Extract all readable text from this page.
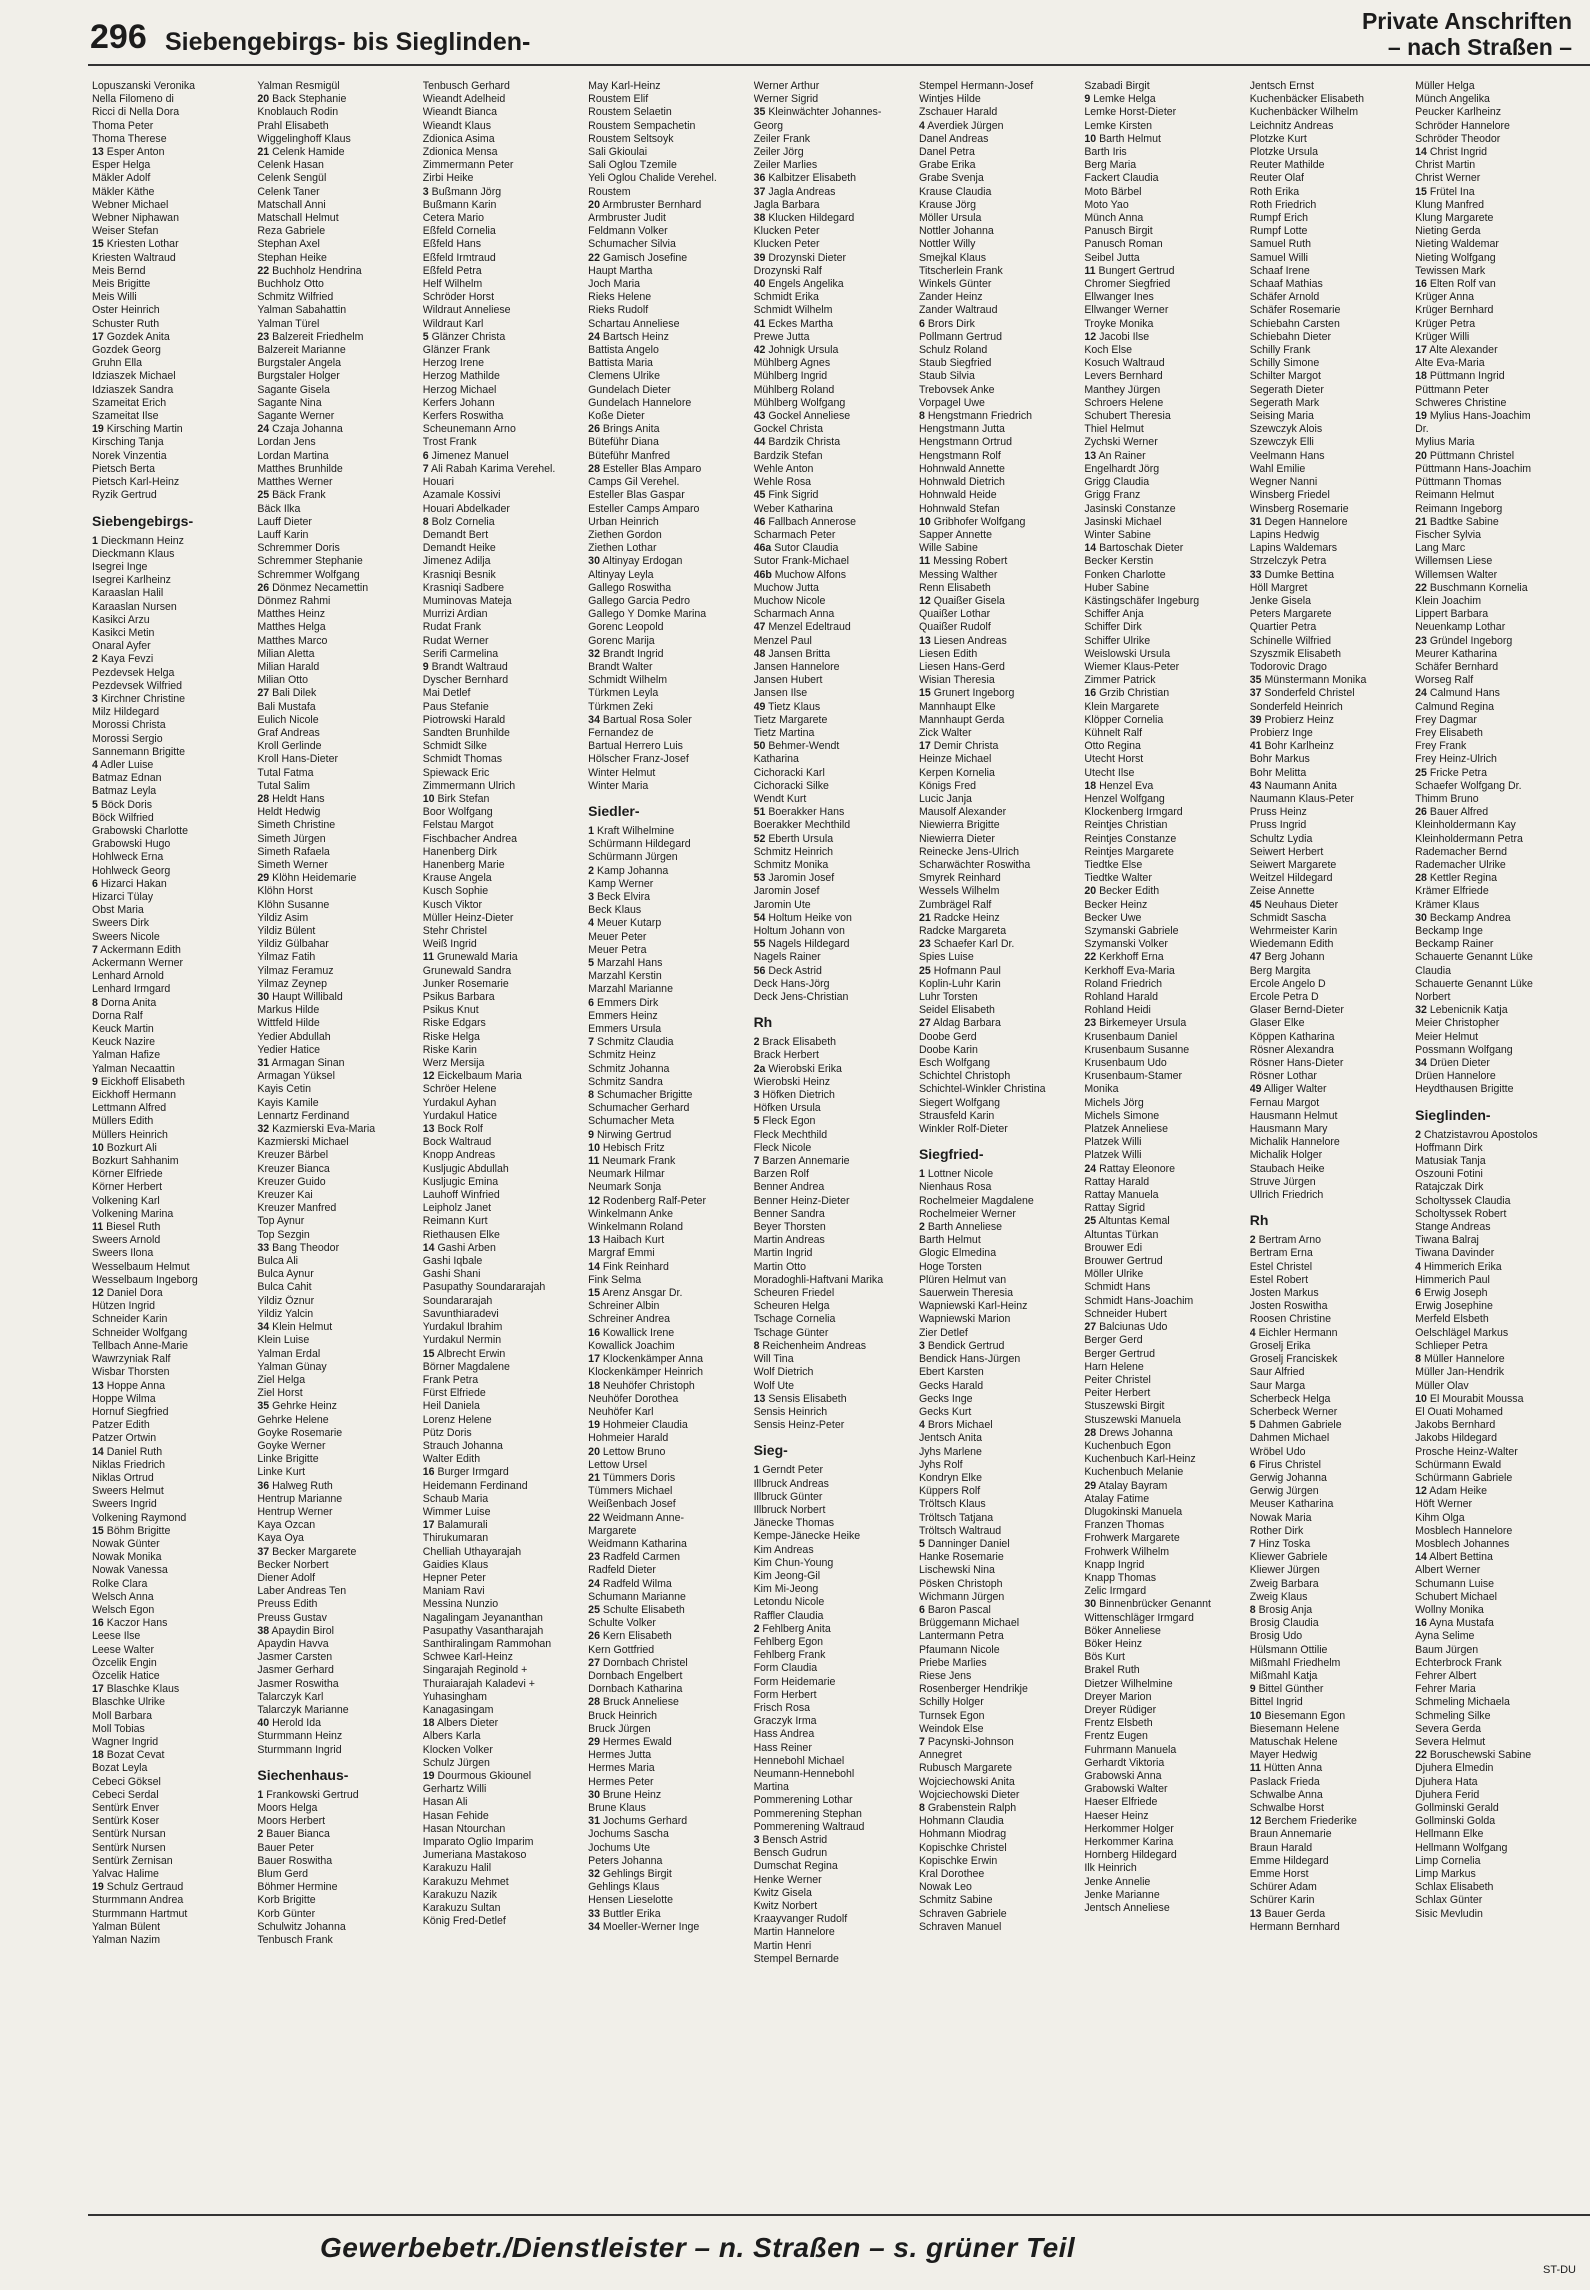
296 Siebengebirgs- bis Sieglinden-
Private Anschriften
– nach Straßen –
Lopuszanski Veronika
Nella Filomeno di
Ricci di Nella Dora
Thoma Peter
Thoma Therese
13 Esper Anton
Esper Helga
Mäkler Adolf
Mäkler Käthe
Webner Michael
Webner Niphawan
Weiser Stefan
15 Kriesten Lothar
Kriesten Waltraud
Meis Bernd
Meis Brigitte
Meis Willi
Oster Heinrich
Schuster Ruth
17 Gozdek Anita
Gozdek Georg
Gruhn Ella
Idziaszek Michael
Idziaszek Sandra
Szameitat Erich
Szameitat Ilse
19 Kirsching Martin
Kirsching Tanja
Norek Vinzentia
Pietsch Berta
Pietsch Karl-Heinz
Ryzik Gertrud
Siebengebirgs-
1 Dieckmann Heinz
Dieckmann Klaus
Isegrei Inge
Isegrei Karlheinz
Karaaslan Halil
Karaaslan Nursen
Kasikci Arzu
Kasikci Metin
Onaral Ayfer
2 Kaya Fevzi
Pezdevsek Helga
Pezdevsek Wilfried
3 Kirchner Christine
Milz Hildegard
Morossi Christa
Morossi Sergio
Sannemann Brigitte
4 Adler Luise
Batmaz Ednan
Batmaz Leyla
5 Böck Doris
Böck Wilfried
Grabowski Charlotte
Grabowski Hugo
Hohlweck Erna
Hohlweck Georg
6 Hizarci Hakan
Hizarci Tülay
Obst Maria
Sweers Dirk
Sweers Nicole
7 Ackermann Edith
Ackermann Werner
Lenhard Arnold
Lenhard Irmgard
8 Dorna Anita
Dorna Ralf
Keuck Martin
Keuck Nazire
Yalman Hafize
Yalman Necaattin
9 Eickhoff Elisabeth
Eickhoff Hermann
Lettmann Alfred
Müllers Edith
Müllers Heinrich
10 Bozkurt Ali
Bozkurt Sahhanim
Körner Elfriede
Körner Herbert
Volkening Karl
Volkening Marina
11 Biesel Ruth
Sweers Arnold
Sweers Ilona
Wesselbaum Helmut
Wesselbaum Ingeborg
12 Daniel Dora
Hützen Ingrid
Schneider Karin
Schneider Wolfgang
Tellbach Anne-Marie
Wawrzyniak Ralf
Wisbar Thorsten
13 Hoppe Anna
Hoppe Wilma
Hornuf Siegfried
Patzer Edith
Patzer Ortwin
14 Daniel Ruth
Niklas Friedrich
Niklas Ortrud
Sweers Helmut
Sweers Ingrid
Volkening Raymond
15 Böhm Brigitte
Nowak Günter
Nowak Monika
Nowak Vanessa
Rolke Clara
Welsch Anna
Welsch Egon
16 Kaczor Hans
Leese Ilse
Leese Walter
Özcelik Engin
Özcelik Hatice
17 Blaschke Klaus
Blaschke Ulrike
Moll Barbara
Moll Tobias
Wagner Ingrid
18 Bozat Cevat
Bozat Leyla
Cebeci Göksel
Cebeci Serdal
Sentürk Enver
Sentürk Koser
Sentürk Nursan
Sentürk Nursen
Sentürk Zernisan
Yalvac Halime
19 Schulz Gertraud
Sturmmann Andrea
Sturmmann Hartmut
Yalman Bülent
Yalman Nazim
Yalman Resmigül
20 Back Stephanie
Knoblauch Rodin
Prahl Elisabeth
Wiggelinghoff Klaus
21 Celenk Hamide
Celenk Hasan
Celenk Sengül
Celenk Taner
Matschall Anni
Matschall Helmut
Reza Gabriele
Stephan Axel
Stephan Heike
22 Buchholz Hendrina
Buchholz Otto
Schmitz Wilfried
Yalman Sabahattin
Yalman Türel
23 Balzereit Friedhelm
Balzereit Marianne
Burgstaler Angela
Burgstaler Holger
Sagante Gisela
Sagante Nina
Sagante Werner
24 Czaja Johanna
Lordan Jens
Lordan Martina
Matthes Brunhilde
Matthes Werner
25 Bäck Frank
Bäck Ilka
Lauff Dieter
Lauff Karin
Schremmer Doris
Schremmer Stephanie
Schremmer Wolfgang
26 Dönmez Necamettin
Dönmez Rahmi
Matthes Heinz
Matthes Helga
Matthes Marco
Milian Aletta
Milian Harald
Milian Otto
27 Bali Dilek
Bali Mustafa
Eulich Nicole
Graf Andreas
Kroll Gerlinde
Kroll Hans-Dieter
Tutal Fatma
Tutal Salim
28 Heldt Hans
Heldt Hedwig
Simeth Christine
Simeth Jürgen
Simeth Rafaela
Simeth Werner
29 Klöhn Heidemarie
Klöhn Horst
Klöhn Susanne
Yildiz Asim
Yildiz Bülent
Yildiz Gülbahar
Yilmaz Fatih
Yilmaz Feramuz
Yilmaz Zeynep
30 Haupt Willibald
Markus Hilde
Wittfeld Hilde
Yedier Abdullah
Yedier Hatice
31 Armagan Sinan
Armagan Yüksel
Kayis Cetin
Kayis Kamile
Lennartz Ferdinand
32 Kazmierski Eva-Maria
Kazmierski Michael
Kreuzer Bärbel
Kreuzer Bianca
Kreuzer Guido
Kreuzer Kai
Kreuzer Manfred
Top Aynur
Top Sezgin
33 Bang Theodor
Bulca Ali
Bulca Aynur
Bulca Cahit
Yildiz Öznur
Yildiz Yalcin
34 Klein Helmut
Klein Luise
Yalman Erdal
Yalman Günay
Ziel Helga
Ziel Horst
35 Gehrke Heinz
Gehrke Helene
Goyke Rosemarie
Goyke Werner
Linke Brigitte
Linke Kurt
36 Halweg Ruth
Hentrup Marianne
Hentrup Werner
Kaya Ozcan
Kaya Oya
37 Becker Margarete
Becker Norbert
Diener Adolf
Laber Andreas Ten
Preuss Edith
Preuss Gustav
38 Apaydin Birol
Apaydin Havva
Jasmer Carsten
Jasmer Gerhard
Jasmer Roswitha
Talarczyk Karl
Talarczyk Marianne
40 Herold Ida
Sturmmann Heinz
Sturmmann Ingrid
Siechenhaus-
1 Frankowski Gertrud
Moors Helga
Moors Herbert
2 Bauer Bianca
Bauer Peter
Bauer Roswitha
Blum Gerd
Böhmer Hermine
Korb Brigitte
Korb Günter
Schulwitz Johanna
Tenbusch Frank
Tenbusch Gerhard
Wieandt Adelheid
Wieandt Bianca
Wieandt Klaus
Zdionica Asima
Zdionica Mensa
Zimmermann Peter
Zirbi Heike
3 Bußmann Jörg
Bußmann Karin
Cetera Mario
Eßfeld Cornelia
Eßfeld Hans
Eßfeld Irmtraud
Eßfeld Petra
Helf Wilhelm
Schröder Horst
Wildraut Anneliese
Wildraut Karl
5 Glänzer Christa
Glänzer Frank
Herzog Irene
Herzog Mathilde
Herzog Michael
Kerfers Johann
Kerfers Roswitha
Scheunemann Arno
Trost Frank
6 Jimenez Manuel
7 Ali Rabah Karima Verehel.
Houari
Azamale Kossivi
Houari Abdelkader
8 Bolz Cornelia
Demandt Bert
Demandt Heike
Jimenez Adilja
Krasniqi Besnik
Krasniqi Sadbere
Muminovas Mateja
Murrizi Ardian
Rudat Frank
Rudat Werner
Serifi Carmelina
9 Brandt Waltraud
Dyscher Bernhard
Mai Detlef
Paus Stefanie
Piotrowski Harald
Sandten Brunhilde
Schmidt Silke
Schmidt Thomas
Spiewack Eric
Zimmermann Ulrich
10 Birk Stefan
Boor Wolfgang
Felstau Margot
Fischbacher Andrea
Hanenberg Dirk
Hanenberg Marie
Krause Angela
Kusch Sophie
Kusch Viktor
Müller Heinz-Dieter
Stehr Christel
Weiß Ingrid
11 Grunewald Maria
Grunewald Sandra
Junker Rosemarie
Psikus Barbara
Psikus Knut
Riske Edgars
Riske Helga
Riske Karin
Werz Mersija
12 Eickelbaum Maria
Schröer Helene
Yurdakul Ayhan
Yurdakul Hatice
13 Bock Rolf
Bock Waltraud
Knopp Andreas
Kusljugic Abdullah
Kusljugic Emina
Lauhoff Winfried
Leipholz Janet
Reimann Kurt
Riethausen Elke
14 Gashi Arben
Gashi Iqbale
Gashi Shani
Pasupathy Soundararajah
Soundararajah
Savunthiaradevi
Yurdakul Ibrahim
Yurdakul Nermin
15 Albrecht Erwin
Börner Magdalene
Frank Petra
Fürst Elfriede
Heil Daniela
Lorenz Helene
Pütz Doris
Strauch Johanna
Walter Edith
16 Burger Irmgard
Heidemann Ferdinand
Schaub Maria
Wimmer Luise
17 Balamurali
Thirukumaran
Chelliah Uthayarajah
Gaidies Klaus
Hepner Peter
Maniam Ravi
Messina Nunzio
Nagalingam Jeyananthan
Pasupathy Vasantharajah
Santhiralingam Rammohan
Schwee Karl-Heinz
Singarajah Reginold +
Thuraiarajah Kaladevi +
Yuhasingham
Kanagasingam
18 Albers Dieter
Albers Karla
Klocken Volker
Schulz Jürgen
19 Dourmous Gkiounel
Gerhartz Willi
Hasan Ali
Hasan Fehide
Hasan Ntourchan
Imparato Oglio Imparim
Jumeriana Mastakoso
Karakuzu Halil
Karakuzu Mehmet
Karakuzu Nazik
Karakuzu Sultan
König Fred-Detlef
May Karl-Heinz
Roustem Elif
Roustem Selaetin
Roustem Sempachetin
Roustem Seltsoyk
Sali Gkioulai
Sali Oglou Tzemile
Yeli Oglou Chalide Verehel.
Roustem
20 Armbruster Bernhard
Armbruster Judit
Feldmann Volker
Schumacher Silvia
22 Gamisch Josefine
Haupt Martha
Joch Maria
Rieks Helene
Rieks Rudolf
Schartau Anneliese
24 Bartsch Heinz
Battista Angelo
Battista Maria
Clemens Ulrike
Gundelach Dieter
Gundelach Hannelore
Koße Dieter
26 Brings Anita
Büteführ Diana
Büteführ Manfred
28 Esteller Blas Amparo
Camps Gil Verehel.
Esteller Blas Gaspar
Esteller Camps Amparo
Urban Heinrich
Ziethen Gordon
Ziethen Lothar
30 Altinyay Erdogan
Altinyay Leyla
Gallego Roswitha
Gallego Garcia Pedro
Gallego Y Domke Marina
Gorenc Leopold
Gorenc Marija
32 Brandt Ingrid
Brandt Walter
Schmidt Wilhelm
Türkmen Leyla
Türkmen Zeki
34 Bartual Rosa Soler
Fernandez de
Bartual Herrero Luis
Hölscher Franz-Josef
Winter Helmut
Winter Maria
Siedler-
1 Kraft Wilhelmine
Schürmann Hildegard
Schürmann Jürgen
2 Kamp Johanna
Kamp Werner
3 Beck Elvira
Beck Klaus
4 Meuer Kutarp
Meuer Peter
Meuer Petra
5 Marzahl Hans
Marzahl Kerstin
Marzahl Marianne
6 Emmers Dirk
Emmers Heinz
Emmers Ursula
7 Schmitz Claudia
Schmitz Heinz
Schmitz Johanna
Schmitz Sandra
8 Schumacher Brigitte
Schumacher Gerhard
Schumacher Meta
9 Nirwing Gertrud
10 Hebisch Fritz
11 Neumark Frank
Neumark Hilmar
Neumark Sonja
12 Rodenberg Ralf-Peter
Winkelmann Anke
Winkelmann Roland
13 Haibach Kurt
Margraf Emmi
14 Fink Reinhard
Fink Selma
15 Arenz Ansgar Dr.
Schreiner Albin
Schreiner Andrea
16 Kowallick Irene
Kowallick Joachim
17 Klockenkämper Anna
Klockenkämper Heinrich
18 Neuhöfer Christoph
Neuhöfer Dorothea
Neuhöfer Karl
19 Hohmeier Claudia
Hohmeier Harald
20 Lettow Bruno
Lettow Ursel
21 Tümmers Doris
Tümmers Michael
Weißenbach Josef
22 Weidmann Anne-
Margarete
Weidmann Katharina
23 Radfeld Carmen
Radfeld Dieter
24 Radfeld Wilma
Schumann Marianne
25 Schulte Elisabeth
Schulte Volker
26 Kern Elisabeth
Kern Gottfried
27 Dornbach Christel
Dornbach Engelbert
Dornbach Katharina
28 Bruck Anneliese
Bruck Heinrich
Bruck Jürgen
29 Hermes Ewald
Hermes Jutta
Hermes Maria
Hermes Peter
30 Brune Heinz
Brune Klaus
31 Jochums Gerhard
Jochums Sascha
Jochums Ute
Peters Johanna
32 Gehlings Birgit
Gehlings Klaus
Hensen Lieselotte
33 Buttler Erika
34 Moeller-Werner Inge
Werner Arthur
Werner Sigrid
35 Kleinwächter Johannes-
Georg
Zeiler Frank
Zeiler Jörg
Zeiler Marlies
36 Kalbitzer Elisabeth
37 Jagla Andreas
Jagla Barbara
38 Klucken Hildegard
Klucken Peter
Klucken Peter
39 Drozynski Dieter
Drozynski Ralf
40 Engels Angelika
Schmidt Erika
Schmidt Wilhelm
41 Eckes Martha
Prewe Jutta
42 Johnigk Ursula
Mühlberg Agnes
Mühlberg Ingrid
Mühlberg Roland
Mühlberg Wolfgang
43 Gockel Anneliese
Gockel Christa
44 Bardzik Christa
Bardzik Stefan
Wehle Anton
Wehle Rosa
45 Fink Sigrid
Weber Katharina
46 Fallbach Annerose
Scharmach Peter
46a Sutor Claudia
Sutor Frank-Michael
46b Muchow Alfons
Muchow Jutta
Muchow Nicole
Scharmach Anna
47 Menzel Edeltraud
Menzel Paul
48 Jansen Britta
Jansen Hannelore
Jansen Hubert
Jansen Ilse
49 Tietz Klaus
Tietz Margarete
Tietz Martina
50 Behmer-Wendt
Katharina
Cichoracki Karl
Cichoracki Silke
Wendt Kurt
51 Boerakker Hans
Boerakker Mechthild
52 Eberth Ursula
Schmitz Heinrich
Schmitz Monika
53 Jaromin Josef
Jaromin Josef
Jaromin Ute
54 Holtum Heike von
Holtum Johann von
55 Nagels Hildegard
Nagels Rainer
56 Deck Astrid
Deck Hans-Jörg
Deck Jens-Christian
Rh
2 Brack Elisabeth
Brack Herbert
2a Wierobski Erika
Wierobski Heinz
3 Höfken Dietrich
Höfken Ursula
5 Fleck Egon
Fleck Mechthild
Fleck Nicole
7 Barzen Annemarie
Barzen Rolf
Benner Andrea
Benner Heinz-Dieter
Benner Sandra
Beyer Thorsten
Martin Andreas
Martin Ingrid
Martin Otto
Moradoghli-Haftvani Marika
Scheuren Friedel
Scheuren Helga
Tschage Cornelia
Tschage Günter
8 Reichenheim Andreas
Will Tina
Wolf Dietrich
Wolf Ute
13 Sensis Elisabeth
Sensis Heinrich
Sensis Heinz-Peter
Sieg-
1 Gerndt Peter
Illbruck Andreas
Illbruck Günter
Illbruck Norbert
Jänecke Thomas
Kempe-Jänecke Heike
Kim Andreas
Kim Chun-Young
Kim Jeong-Gil
Kim Mi-Jeong
Letondu Nicole
Raffler Claudia
2 Fehlberg Anita
Fehlberg Egon
Fehlberg Frank
Form Claudia
Form Heidemarie
Form Herbert
Frisch Rosa
Graczyk Irma
Hass Andrea
Hass Reiner
Hennebohl Michael
Neumann-Hennebohl
Martina
Pommerening Lothar
Pommerening Stephan
Pommerening Waltraud
3 Bensch Astrid
Bensch Gudrun
Dumschat Regina
Henke Werner
Kwitz Gisela
Kwitz Norbert
Kraayvanger Rudolf
Martin Hannelore
Martin Henri
Stempel Bernarde
Stempel Hermann-Josef
Wintjes Hilde
Zschauer Harald
4 Averdiek Jürgen
Danel Andreas
Danel Petra
Grabe Erika
Grabe Svenja
Krause Claudia
Krause Jörg
Möller Ursula
Nottler Johanna
Nottler Willy
Smejkal Klaus
Titscherlein Frank
Winkels Günter
Zander Heinz
Zander Waltraud
6 Brors Dirk
Pollmann Gertrud
Schulz Roland
Staub Siegfried
Staub Silvia
Trebovsek Anke
Vorpagel Uwe
8 Hengstmann Friedrich
Hengstmann Jutta
Hengstmann Ortrud
Hengstmann Rolf
Hohnwald Annette
Hohnwald Dietrich
Hohnwald Heide
Hohnwald Stefan
10 Gribhofer Wolfgang
Sapper Annette
Wille Sabine
11 Messing Robert
Messing Walther
Renn Elisabeth
12 Quaißer Gisela
Quaißer Lothar
Quaißer Rudolf
13 Liesen Andreas
Liesen Edith
Liesen Hans-Gerd
Wisian Theresia
15 Grunert Ingeborg
Mannhaupt Elke
Mannhaupt Gerda
Zick Walter
17 Demir Christa
Heinze Michael
Kerpen Kornelia
Königs Fred
Lucic Janja
Mausolf Alexander
Niewierra Brigitte
Niewierra Dieter
Reinecke Jens-Ulrich
Scharwächter Roswitha
Smyrek Reinhard
Wessels Wilhelm
Zumbrägel Ralf
21 Radcke Heinz
Radcke Margareta
23 Schaefer Karl Dr.
Spies Luise
25 Hofmann Paul
Koplin-Luhr Karin
Luhr Torsten
Seidel Elisabeth
27 Aldag Barbara
Doobe Gerd
Doobe Karin
Esch Wolfgang
Schichtel Christoph
Schichtel-Winkler Christina
Siegert Wolfgang
Strausfeld Karin
Winkler Rolf-Dieter
Siegfried-
1 Lottner Nicole
Nienhaus Rosa
Rochelmeier Magdalene
Rochelmeier Werner
2 Barth Anneliese
Barth Helmut
Glogic Elmedina
Hoge Torsten
Plüren Helmut van
Sauerwein Theresia
Wapniewski Karl-Heinz
Wapniewski Marion
Zier Detlef
3 Bendick Gertrud
Bendick Hans-Jürgen
Ebert Karsten
Gecks Harald
Gecks Inge
Gecks Kurt
4 Brors Michael
Jentsch Anita
Jyhs Marlene
Jyhs Rolf
Kondryn Elke
Küppers Rolf
Tröltsch Klaus
Tröltsch Tatjana
Tröltsch Waltraud
5 Danninger Daniel
Hanke Rosemarie
Lischewski Nina
Pösken Christoph
Wichmann Jürgen
6 Baron Pascal
Brüggemann Michael
Lantermann Petra
Pfaumann Nicole
Priebe Marlies
Riese Jens
Rosenberger Hendrikje
Schilly Holger
Turnsek Egon
Weindok Else
7 Pacynski-Johnson
Annegret
Rubusch Margarete
Wojciechowski Anita
Wojciechowski Dieter
8 Grabenstein Ralph
Hohmann Claudia
Hohmann Miodrag
Kopischke Christel
Kopischke Erwin
Kral Dorothee
Nowak Leo
Schmitz Sabine
Schraven Gabriele
Schraven Manuel
Szabadi Birgit
9 Lemke Helga
Lemke Horst-Dieter
Lemke Kirsten
10 Barth Helmut
Barth Iris
Berg Maria
Fackert Claudia
Moto Bärbel
Moto Yao
Münch Anna
Panusch Birgit
Panusch Roman
Seibel Jutta
11 Bungert Gertrud
Chromer Siegfried
Ellwanger Ines
Ellwanger Werner
Troyke Monika
12 Jacobi Ilse
Koch Else
Kosuch Waltraud
Levers Bernhard
Manthey Jürgen
Schroers Helene
Schubert Theresia
Thiel Helmut
Zychski Werner
13 An Rainer
Engelhardt Jörg
Grigg Claudia
Grigg Franz
Jasinski Constanze
Jasinski Michael
Winter Sabine
14 Bartoschak Dieter
Becker Kerstin
Fonken Charlotte
Huber Sabine
Kästingschäfer Ingeburg
Schiffer Anja
Schiffer Dirk
Schiffer Ulrike
Weislowski Ursula
Wiemer Klaus-Peter
Zimmer Patrick
16 Grzib Christian
Klein Margarete
Klöpper Cornelia
Kühnelt Ralf
Otto Regina
Utecht Horst
Utecht Ilse
18 Henzel Eva
Henzel Wolfgang
Klockenberg Irmgard
Reintjes Christian
Reintjes Constanze
Reintjes Margarete
Tiedtke Else
Tiedtke Walter
20 Becker Edith
Becker Heinz
Becker Uwe
Szymanski Gabriele
Szymanski Volker
22 Kerkhoff Erna
Kerkhoff Eva-Maria
Roland Friedrich
Rohland Harald
Rohland Heidi
23 Birkemeyer Ursula
Krusenbaum Daniel
Krusenbaum Susanne
Krusenbaum Udo
Krusenbaum-Stamer
Monika
Michels Jörg
Michels Simone
Platzek Anneliese
Platzek Willi
Platzek Willi
24 Rattay Eleonore
Rattay Harald
Rattay Manuela
Rattay Sigrid
25 Altuntas Kemal
Altuntas Türkan
Brouwer Edi
Brouwer Gertrud
Möller Ulrike
Schmidt Hans
Schmidt Hans-Joachim
Schneider Hubert
27 Balciunas Udo
Berger Gerd
Berger Gertrud
Harn Helene
Peiter Christel
Peiter Herbert
Stuszewski Birgit
Stuszewski Manuela
28 Drews Johanna
Kuchenbuch Egon
Kuchenbuch Karl-Heinz
Kuchenbuch Melanie
29 Atalay Bayram
Atalay Fatime
Dlugokinski Manuela
Franzen Thomas
Frohwerk Margarete
Frohwerk Wilhelm
Knapp Ingrid
Knapp Thomas
Zelic Irmgard
30 Binnenbrücker Genannt
Wittenschläger Irmgard
Böker Anneliese
Böker Heinz
Bös Kurt
Brakel Ruth
Dietzer Wilhelmine
Dreyer Marion
Dreyer Rüdiger
Frentz Elsbeth
Frentz Eugen
Fuhrmann Manuela
Gerhardt Viktoria
Grabowski Anna
Grabowski Walter
Haeser Elfriede
Haeser Heinz
Herkommer Holger
Herkommer Karina
Hornberg Hildegard
Ilk Heinrich
Jenke Annelie
Jenke Marianne
Jentsch Anneliese
Jentsch Ernst
Kuchenbäcker Elisabeth
Kuchenbäcker Wilhelm
Leichnitz Andreas
Plotzke Kurt
Plotzke Ursula
Reuter Mathilde
Reuter Olaf
Roth Erika
Roth Friedrich
Rumpf Erich
Rumpf Lotte
Samuel Ruth
Samuel Willi
Schaaf Irene
Schaaf Mathias
Schäfer Arnold
Schäfer Rosemarie
Schiebahn Carsten
Schiebahn Dieter
Schilly Frank
Schilly Simone
Schilter Margot
Segerath Dieter
Segerath Mark
Seising Maria
Szewczyk Alois
Szewczyk Elli
Veelmann Hans
Wahl Emilie
Wegner Nanni
Winsberg Friedel
Winsberg Rosemarie
31 Degen Hannelore
Lapins Hedwig
Lapins Waldemars
Strzelczyk Petra
33 Dumke Bettina
Höll Margret
Jenke Gisela
Peters Margarete
Quartier Petra
Schinelle Wilfried
Szyszmik Elisabeth
Todorovic Drago
35 Münstermann Monika
37 Sonderfeld Christel
Sonderfeld Heinrich
39 Probierz Heinz
Probierz Inge
41 Bohr Karlheinz
Bohr Markus
Bohr Melitta
43 Naumann Anita
Naumann Klaus-Peter
Pruss Heinz
Pruss Ingrid
Schultz Lydia
Seiwert Herbert
Seiwert Margarete
Weitzel Hildegard
Zeise Annette
45 Neuhaus Dieter
Schmidt Sascha
Wehrmeister Karin
Wiedemann Edith
47 Berg Johann
Berg Margita
Ercole Angelo D
Ercole Petra D
Glaser Bernd-Dieter
Glaser Elke
Köppen Katharina
Rösner Alexandra
Rösner Hans-Dieter
Rösner Lothar
49 Alliger Walter
Fernau Margot
Hausmann Helmut
Hausmann Mary
Michalik Hannelore
Michalik Holger
Staubach Heike
Struve Jürgen
Ullrich Friedrich
Rh
2 Bertram Arno
Bertram Erna
Estel Christel
Estel Robert
Josten Markus
Josten Roswitha
Roosen Christine
4 Eichler Hermann
Groselj Erika
Groselj Franciskek
Saur Alfried
Saur Marga
Scherbeck Helga
Scherbeck Werner
5 Dahmen Gabriele
Dahmen Michael
Wröbel Udo
6 Firus Christel
Gerwig Johanna
Gerwig Jürgen
Meuser Katharina
Nowak Maria
Rother Dirk
7 Hinz Toska
Kliewer Gabriele
Kliewer Jürgen
Zweig Barbara
Zweig Klaus
8 Brosig Anja
Brosig Claudia
Brosig Udo
Hülsmann Ottilie
Mißmahl Friedhelm
Mißmahl Katja
9 Bittel Günther
Bittel Ingrid
10 Biesemann Egon
Biesemann Helene
Matuschak Helene
Mayer Hedwig
11 Hütten Anna
Paslack Frieda
Schwalbe Anna
Schwalbe Horst
12 Berchem Friederike
Braun Annemarie
Braun Harald
Emme Hildegard
Emme Horst
Schürer Adam
Schürer Karin
13 Bauer Gerda
Hermann Bernhard
Müller Helga
Münch Angelika
Peucker Karlheinz
Schröder Hannelore
Schröder Theodor
14 Christ Ingrid
Christ Martin
Christ Werner
15 Frütel Ina
Klung Manfred
Klung Margarete
Nieting Gerda
Nieting Waldemar
Nieting Wolfgang
Tewissen Mark
16 Elten Rolf van
Krüger Anna
Krüger Bernhard
Krüger Petra
Krüger Willi
17 Alte Alexander
Alte Eva-Maria
18 Püttmann Ingrid
Püttmann Peter
Schweres Christine
19 Mylius Hans-Joachim
Dr.
Mylius Maria
20 Püttmann Christel
Püttmann Hans-Joachim
Püttmann Thomas
Reimann Helmut
Reimann Ingeborg
21 Badtke Sabine
Fischer Sylvia
Lang Marc
Willemsen Liese
Willemsen Walter
22 Buschmann Kornelia
Klein Joachim
Lippert Barbara
Neuenkamp Lothar
23 Gründel Ingeborg
Meurer Katharina
Schäfer Bernhard
Worseg Ralf
24 Calmund Hans
Calmund Regina
Frey Dagmar
Frey Elisabeth
Frey Frank
Frey Heinz-Ulrich
25 Fricke Petra
Schaefer Wolfgang Dr.
Thimm Bruno
26 Bauer Alfred
Kleinholdermann Kay
Kleinholdermann Petra
Rademacher Bernd
Rademacher Ulrike
28 Kettler Regina
Krämer Elfriede
Krämer Klaus
30 Beckamp Andrea
Beckamp Inge
Beckamp Rainer
Schauerte Genannt Lüke
Claudia
Schauerte Genannt Lüke
Norbert
32 Lebenicnik Katja
Meier Christopher
Meier Helmut
Possmann Wolfgang
34 Drüen Dieter
Drüen Hannelore
Heydthausen Brigitte
Sieglinden-
2 Chatzistavrou Apostolos
Hoffmann Dirk
Matusiak Tanja
Oszouni Fotini
Ratajczak Dirk
Scholtyssek Claudia
Scholtyssek Robert
Stange Andreas
Tiwana Balraj
Tiwana Davinder
4 Himmerich Erika
Himmerich Paul
6 Erwig Joseph
Erwig Josephine
Merfeld Elsbeth
Oelschlägel Markus
Schlieper Petra
8 Müller Hannelore
Müller Jan-Hendrik
Müller Olav
10 El Mourabit Moussa
El Ouati Mohamed
Jakobs Bernhard
Jakobs Hildegard
Prosche Heinz-Walter
Schürmann Ewald
Schürmann Gabriele
12 Adam Heike
Höft Werner
Kihm Olga
Mosblech Hannelore
Mosblech Johannes
14 Albert Bettina
Albert Werner
Schumann Luise
Schubert Michael
Wollny Monika
16 Ayna Mustafa
Ayna Selime
Baum Jürgen
Echterbrock Frank
Fehrer Albert
Fehrer Maria
Schmeling Michaela
Schmeling Silke
Severa Gerda
Severa Helmut
22 Boruschewski Sabine
Djuhera Elmedin
Djuhera Hata
Djuhera Ferid
Gollminski Gerald
Gollminski Golda
Hellmann Elke
Hellmann Wolfgang
Limp Cornelia
Limp Markus
Schlax Elisabeth
Schlax Günter
Sisic Mevludin
Gewerbebetr./Dienstleister – n. Straßen – s. grüner Teil
ST-DU
